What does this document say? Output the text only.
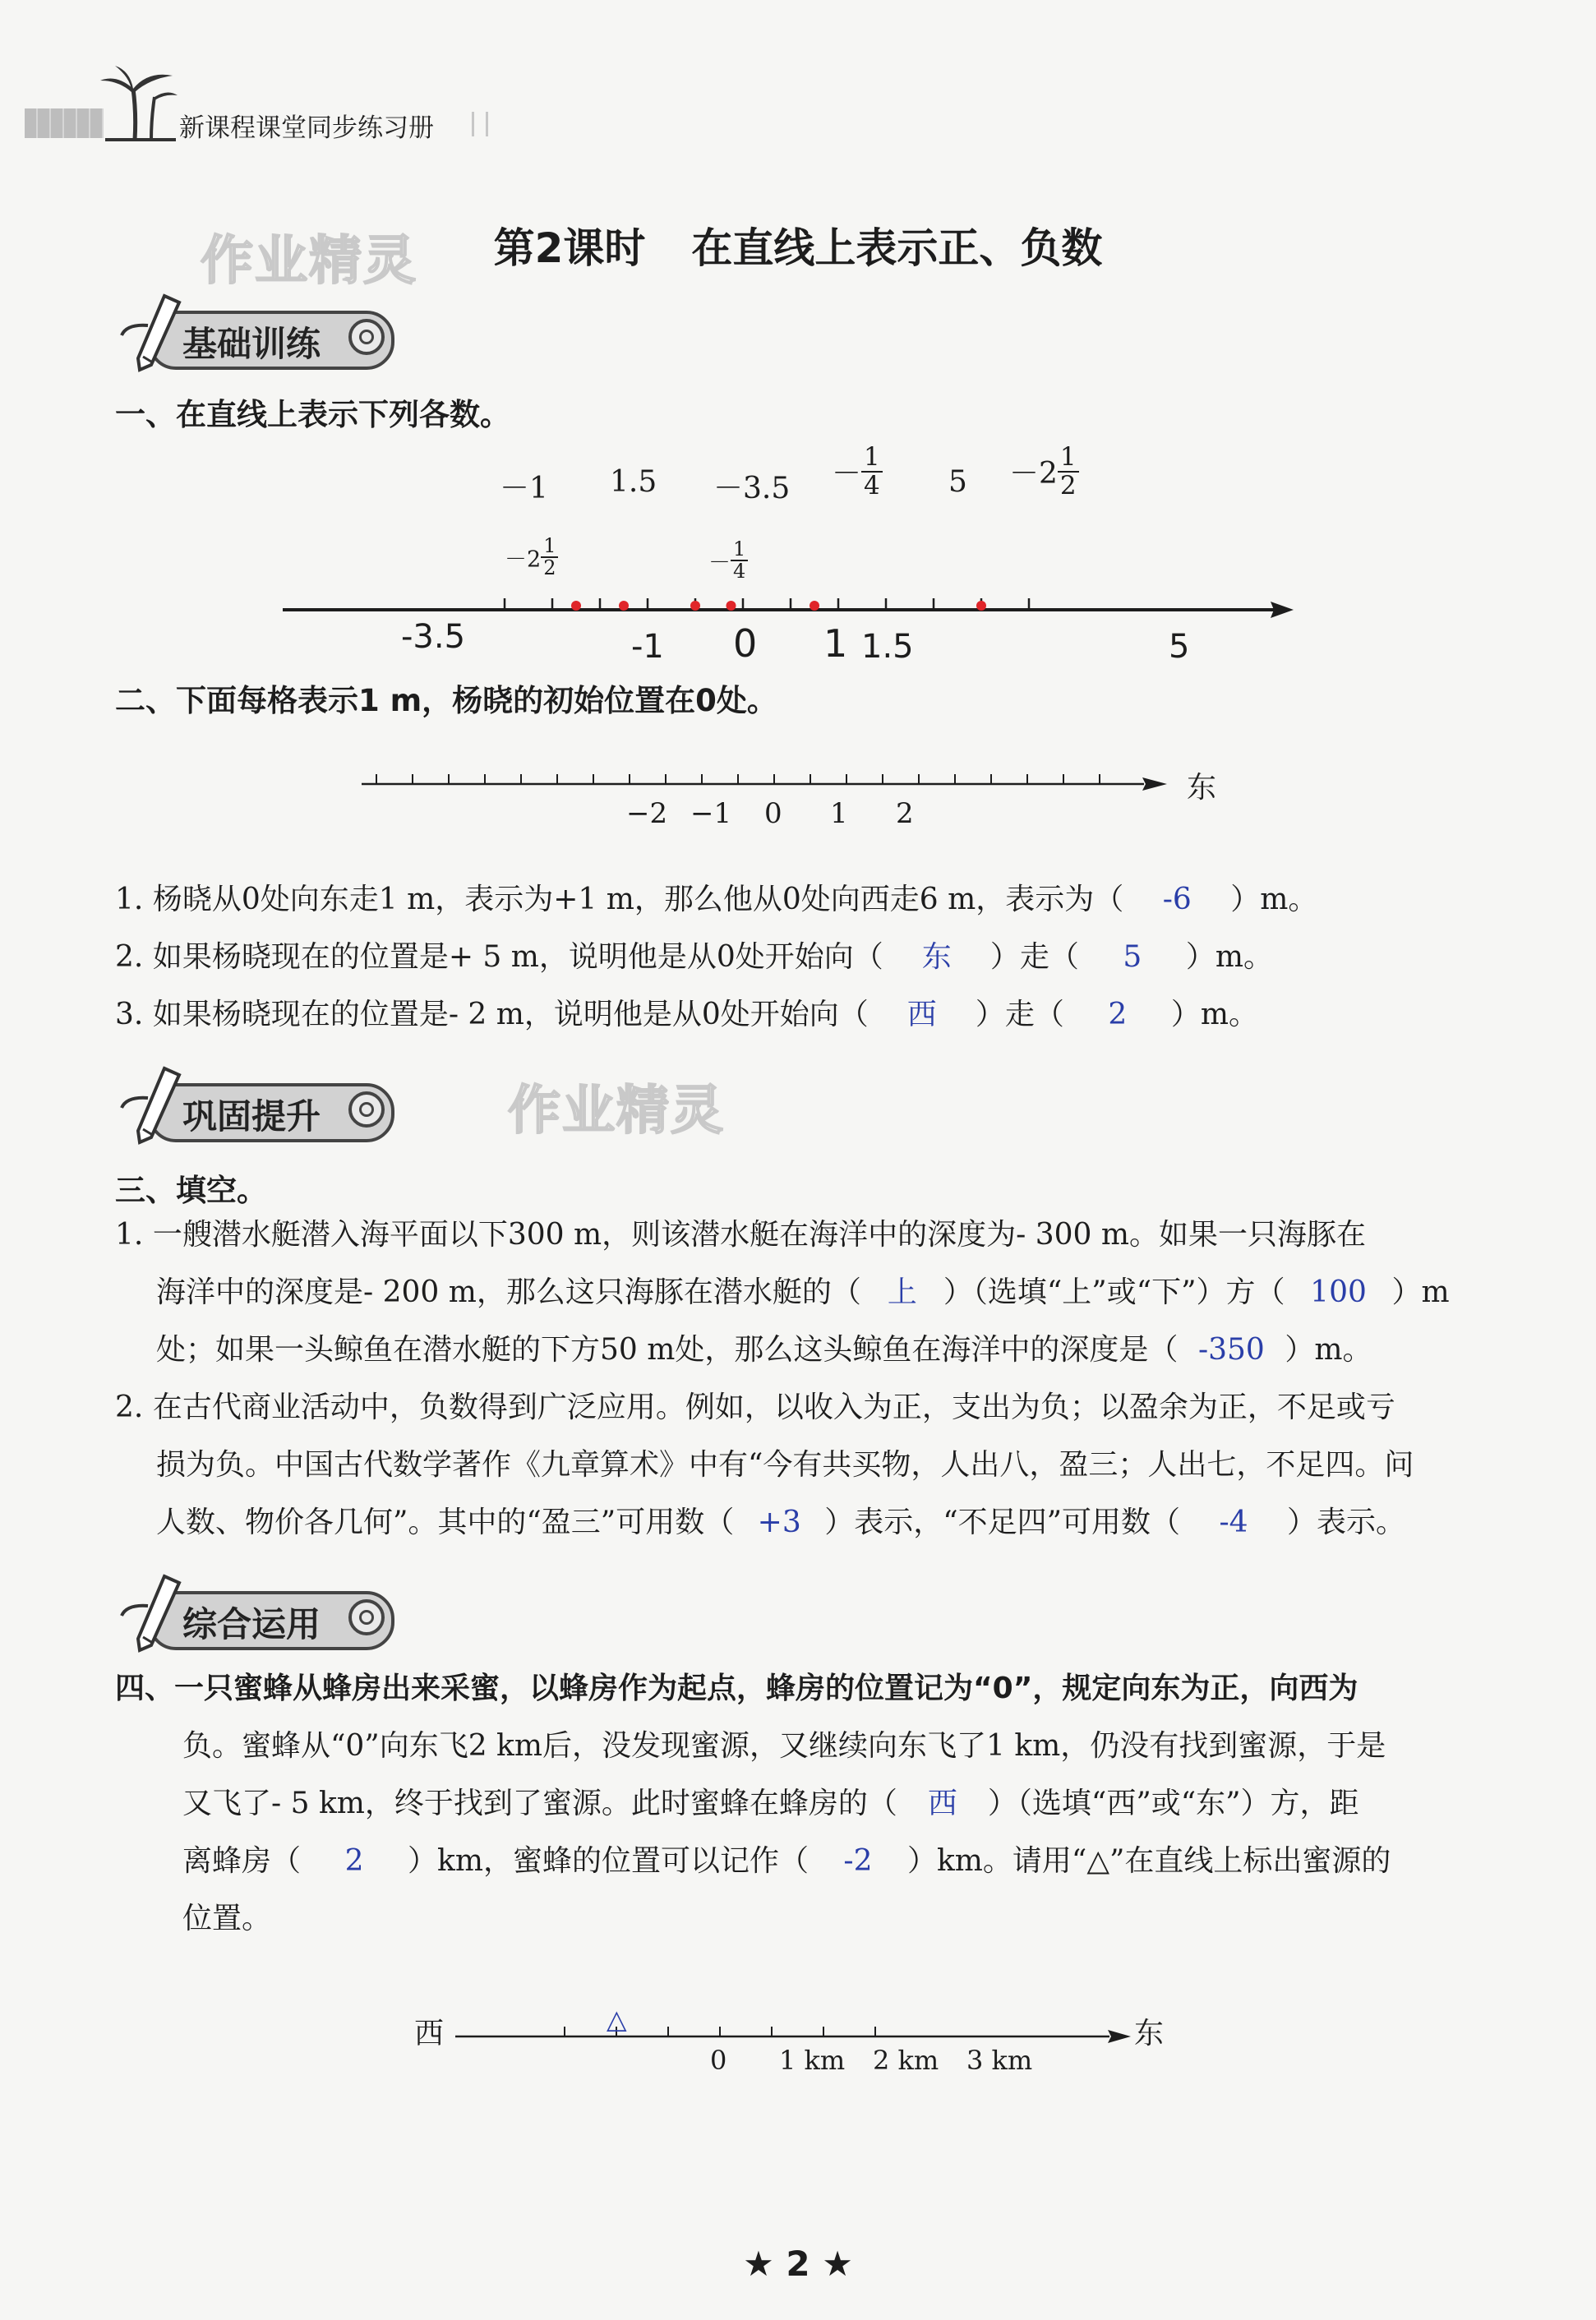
新课程课堂同步练习册
作业精灵
作业精灵
第2课时 在直线上表示正、负数
基础训练
一、在直线上表示下列各数。
－1 $1.5 -3.5 - \frac{1}{4} 5 -2 \frac{1}{2}$
$-2 \frac{1}{2}$	－ $\frac{1}{4}$
-3.5	-1 0 1 1.5	5
二、下面每格表示1 m，杨晓的初始位置在0处。
东
−2 −1 0 1 2
1. 杨晓从0处向东走1 m，表示为+1 m，那么他从0处向西走6 m，表示为（ -6 ）m。
2. 如果杨晓现在的位置是+ 5 m，说明他是从0处开始向（ 东 ）走（ 5 ）m。
3. 如果杨晓现在的位置是- 2 m，说明他是从0处开始向（ 西 ）走（ 2 ）m。
巩固提升
三、填空。
1. 一艘潜水艇潜入海平面以下300 m，则该潜水艇在海洋中的深度为- 300 m。如果一只海豚在
海洋中的深度是- 200 m，那么这只海豚在潜水艇的（ 上 ）（选填“上”或“下”）方（ 100 ）m
处；如果一头鲸鱼在潜水艇的下方50 m处，那么这头鲸鱼在海洋中的深度是（ -350 ）m。
2. 在古代商业活动中，负数得到广泛应用。例如，以收入为正，支出为负；以盈余为正，不足或亏
损为负。中国古代数学著作《九章算术》中有“今有共买物，人出八，盈三；人出七，不足四。问
人数、物价各几何”。其中的“盈三”可用数（ +3 ）表示，“不足四”可用数（ -4 ）表示。
综合运用
四、一只蜜蜂从蜂房出来采蜜，以蜂房作为起点，蜂房的位置记为“0”，规定向东为正，向西为
负。蜜蜂从“0”向东飞2 km后，没发现蜜源，又继续向东飞了1 km，仍没有找到蜜源，于是
又飞了- 5 km，终于找到了蜜源。此时蜜蜂在蜂房的（ 西 ）（选填“西”或“东”）方，距
离蜂房（ 2 ）km，蜜蜂的位置可以记作（ -2 ）km。请用“△”在直线上标出蜜源的
位置。
西	东
△
0 1 km 2 km 3 km
★ 2 ★
